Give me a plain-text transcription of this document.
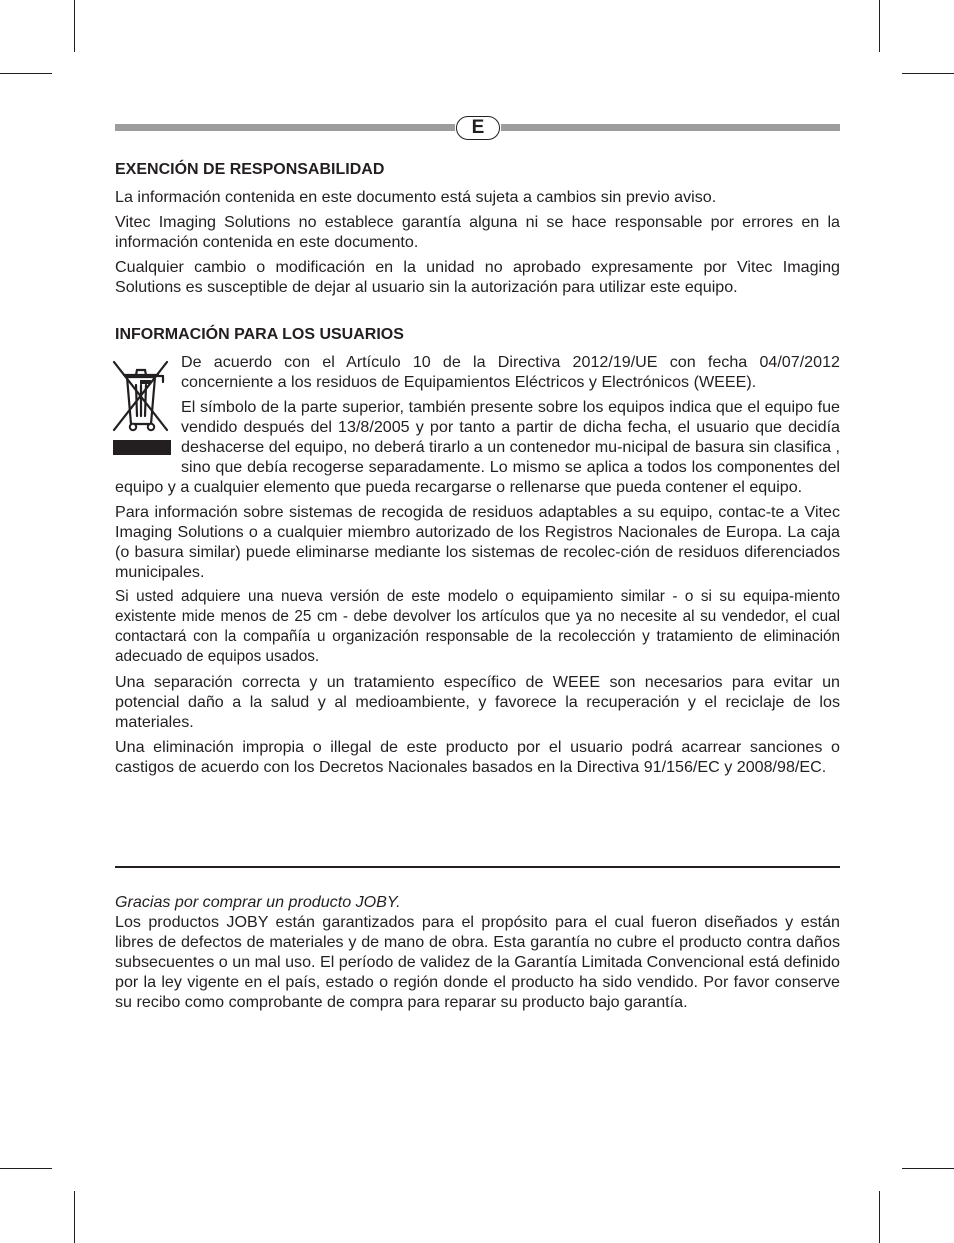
E
EXENCIÓN DE RESPONSABILIDAD

La información contenida en este documento está sujeta a cambios sin previo aviso.

Vitec Imaging Solutions no establece garantía alguna ni se hace responsable por errores en la información contenida en este documento.

Cualquier cambio o modificación en la unidad no aprobado expresamente por Vitec Imaging Solutions es susceptible de dejar al usuario sin la autorización para utilizar este equipo.

INFORMACIÓN PARA LOS USUARIOS

De acuerdo con el Artículo 10 de la Directiva 2012/19/UE con fecha 04/07/2012 concerniente a los residuos de Equipamientos Eléctricos y Electrónicos (WEEE).

El símbolo de la parte superior, también presente sobre los equipos indica que el equipo fue vendido después del 13/8/2005 y por tanto a partir de dicha fecha, el usuario que decidía deshacerse del equipo, no deberá tirarlo a un contenedor mu-nicipal de basura sin clasifica , sino que debía recogerse separadamente. Lo mismo se aplica a todos los componentes del equipo y a cualquier elemento que pueda recargarse o rellenarse que pueda contener el equipo.

Para información sobre sistemas de recogida de residuos adaptables a su equipo, contac-te a Vitec Imaging Solutions o a cualquier miembro autorizado de los Registros Nacionales de Europa. La caja (o basura similar) puede eliminarse mediante los sistemas de recolec-ción de residuos diferenciados municipales.

Si usted adquiere una nueva versión de este modelo o equipamiento similar - o si su equipa-miento existente mide menos de 25 cm - debe devolver los artículos que ya no necesite al su vendedor, el cual contactará con la compañía u organización responsable de la recolección y tratamiento de eliminación adecuado de equipos usados.

Una separación correcta y un tratamiento específico de WEEE son necesarios para evitar un potencial daño a la salud y al medioambiente, y favorece la recuperación y el reciclaje de los materiales.

Una eliminación impropia o illegal de este producto por el usuario podrá acarrear sanciones o castigos de acuerdo con los Decretos Nacionales basados en la Directiva 91/156/EC y 2008/98/EC.

Gracias por comprar un producto JOBY.

Los productos JOBY están garantizados para el propósito para el cual fueron diseñados y están libres de defectos de materiales y de mano de obra. Esta garantía no cubre el producto contra daños subsecuentes o un mal uso. El período de validez de la Garantía Limitada Convencional está definido por la ley vigente en el país, estado o región donde el producto ha sido vendido. Por favor conserve su recibo como comprobante de compra para reparar su producto bajo garantía.
